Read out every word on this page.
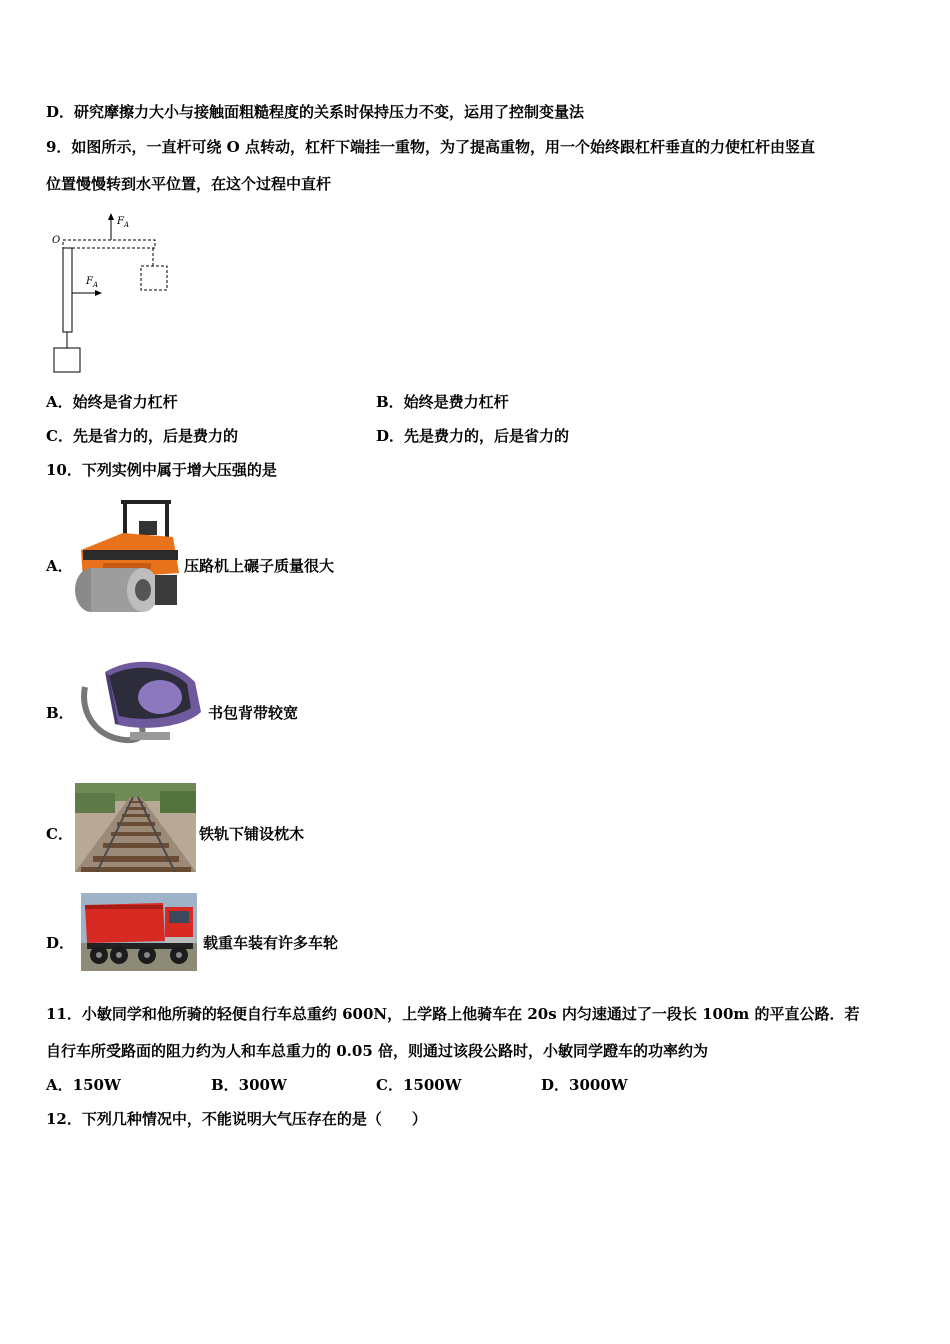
D．研究摩擦力大小与接触面粗糙程度的关系时保持压力不变，运用了控制变量法
9．如图所示，一直杆可绕 O 点转动，杠杆下端挂一重物，为了提高重物，用一个始终跟杠杆垂直的力使杠杆由竖直
位置慢慢转到水平位置，在这个过程中直杆
O
$F_A$
$F_A$
A．始终是省力杠杆	B．始终是费力杠杆
C．先是省力的，后是费力的	D．先是费力的，后是省力的
10．下列实例中属于增大压强的是
A．	压路机上碾子质量很大
B．	书包背带较宽
C．	铁轨下铺设枕木
D．	载重车装有许多车轮
11．小敏同学和他所骑的轻便自行车总重约 600N，上学路上他骑车在 20s 内匀速通过了一段长 100m 的平直公路．若
自行车所受路面的阻力约为人和车总重力的 0.05 倍，则通过该段公路时，小敏同学蹬车的功率约为
A．150W	B．300W	C．1500W	D．3000W
12．下列几种情况中，不能说明大气压存在的是（　　）
